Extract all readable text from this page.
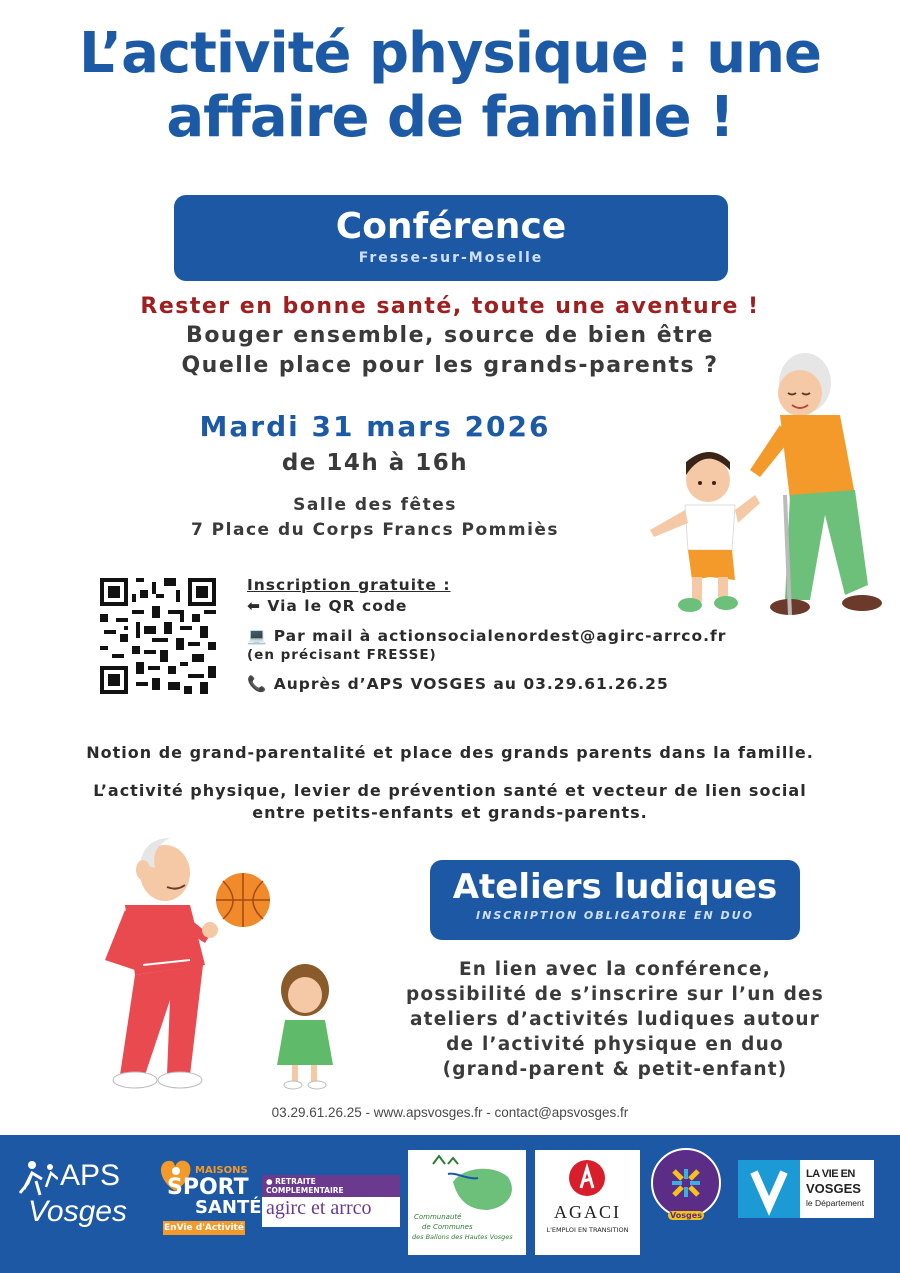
L’activité physique : une
affaire de famille !
Conférence
Fresse-sur-Moselle
Rester en bonne santé, toute une aventure !
Bouger ensemble, source de bien être
Quelle place pour les grands-parents ?
Mardi 31 mars 2026
de 14h à 16h
Salle des fêtes
7 Place du Corps Francs Pommiès
Inscription gratuite :
⬅ Via le QR code
💻 Par mail à actionsocialenordest@agirc-arrco.fr
(en précisant FRESSE)
📞 Auprès d’APS VOSGES au 03.29.61.26.25
Notion de grand-parentalité et place des grands parents dans la famille.
L’activité physique, levier de prévention santé et vecteur de lien social
entre petits-enfants et grands-parents.
Ateliers ludiques
INSCRIPTION OBLIGATOIRE EN DUO
En lien avec la conférence,
possibilité de s’inscrire sur l’un des
ateliers d’activités ludiques autour
de l’activité physique en duo
(grand-parent & petit-enfant)
03.29.61.26.25 - www.apsvosges.fr - contact@apsvosges.fr
APS
Vosges
MAISONS
SPORT
SANTÉ
EnVie d'Activité
● RETRAITE COMPLEMENTAIRE
agirc et arrco	Communauté
de Communes
des Ballons des Hautes Vosges
AGACI
L'EMPLOI EN TRANSITION
Vosges
LA VIE EN
VOSGES
le Département
